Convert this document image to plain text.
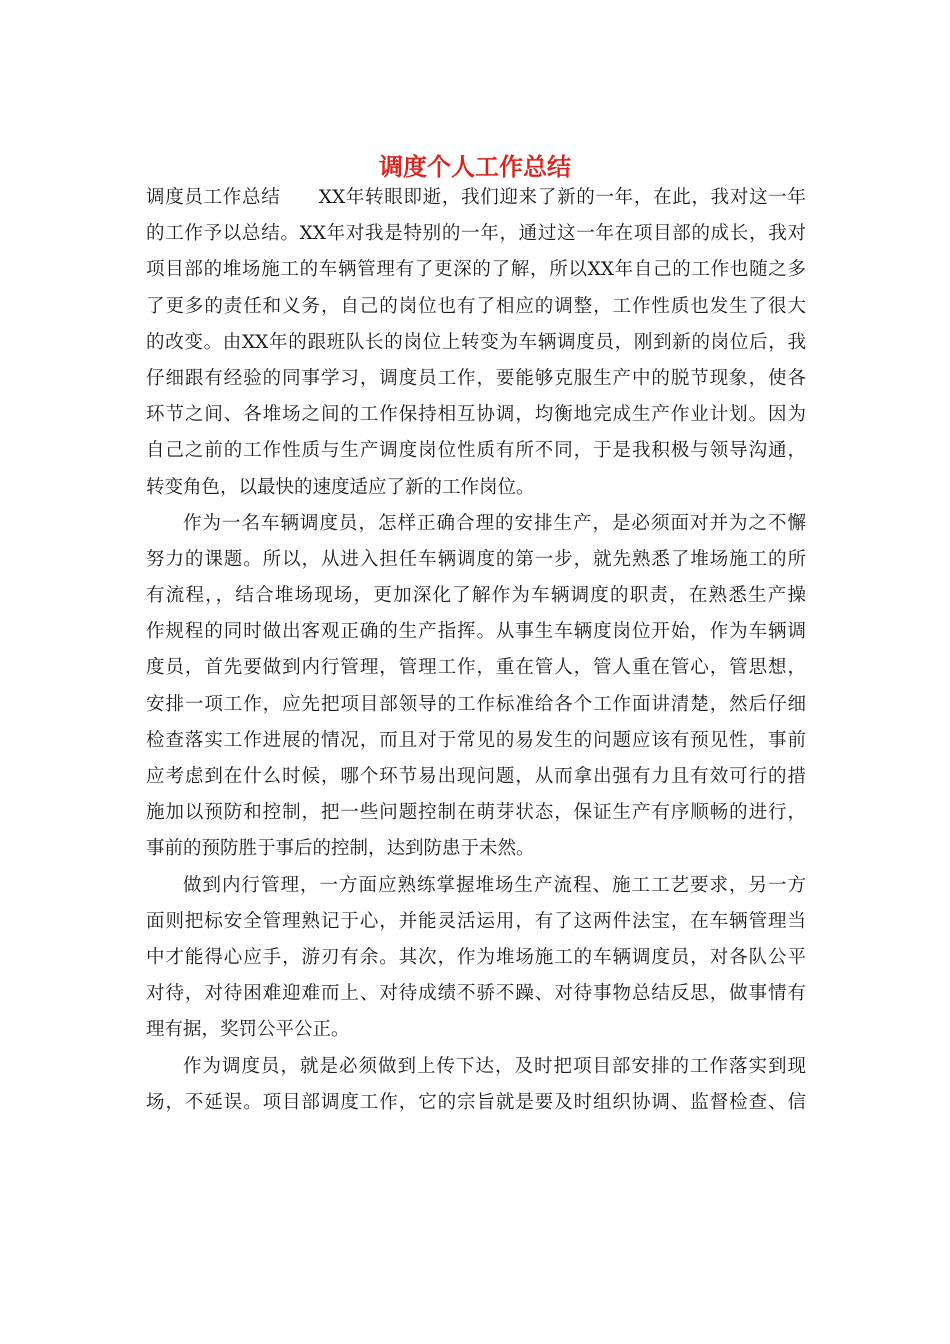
调度个人工作总结
调度员工作总结　　XX年转眼即逝，我们迎来了新的一年，在此，我对这一年
的工作予以总结。XX年对我是特别的一年，通过这一年在项目部的成长，我对
项目部的堆场施工的车辆管理有了更深的了解，所以XX年自己的工作也随之多
了更多的责任和义务，自己的岗位也有了相应的调整，工作性质也发生了很大
的改变。由XX年的跟班队长的岗位上转变为车辆调度员，刚到新的岗位后，我
仔细跟有经验的同事学习，调度员工作，要能够克服生产中的脱节现象，使各
环节之间、各堆场之间的工作保持相互协调，均衡地完成生产作业计划。因为
自己之前的工作性质与生产调度岗位性质有所不同，于是我积极与领导沟通，
转变角色，以最快的速度适应了新的工作岗位。
作为一名车辆调度员，怎样正确合理的安排生产，是必须面对并为之不懈
努力的课题。所以，从进入担任车辆调度的第一步，就先熟悉了堆场施工的所
有流程，，结合堆场现场，更加深化了解作为车辆调度的职责，在熟悉生产操
作规程的同时做出客观正确的生产指挥。从事生车辆度岗位开始，作为车辆调
度员，首先要做到内行管理，管理工作，重在管人，管人重在管心，管思想，
安排一项工作，应先把项目部领导的工作标准给各个工作面讲清楚，然后仔细
检查落实工作进展的情况，而且对于常见的易发生的问题应该有预见性，事前
应考虑到在什么时候，哪个环节易出现问题，从而拿出强有力且有效可行的措
施加以预防和控制，把一些问题控制在萌芽状态，保证生产有序顺畅的进行，
事前的预防胜于事后的控制，达到防患于未然。
做到内行管理，一方面应熟练掌握堆场生产流程、施工工艺要求，另一方
面则把标安全管理熟记于心，并能灵活运用，有了这两件法宝，在车辆管理当
中才能得心应手，游刃有余。其次，作为堆场施工的车辆调度员，对各队公平
对待，对待困难迎难而上、对待成绩不骄不躁、对待事物总结反思，做事情有
理有据，奖罚公平公正。
作为调度员，就是必须做到上传下达，及时把项目部安排的工作落实到现
场，不延误。项目部调度工作，它的宗旨就是要及时组织协调、监督检查、信
